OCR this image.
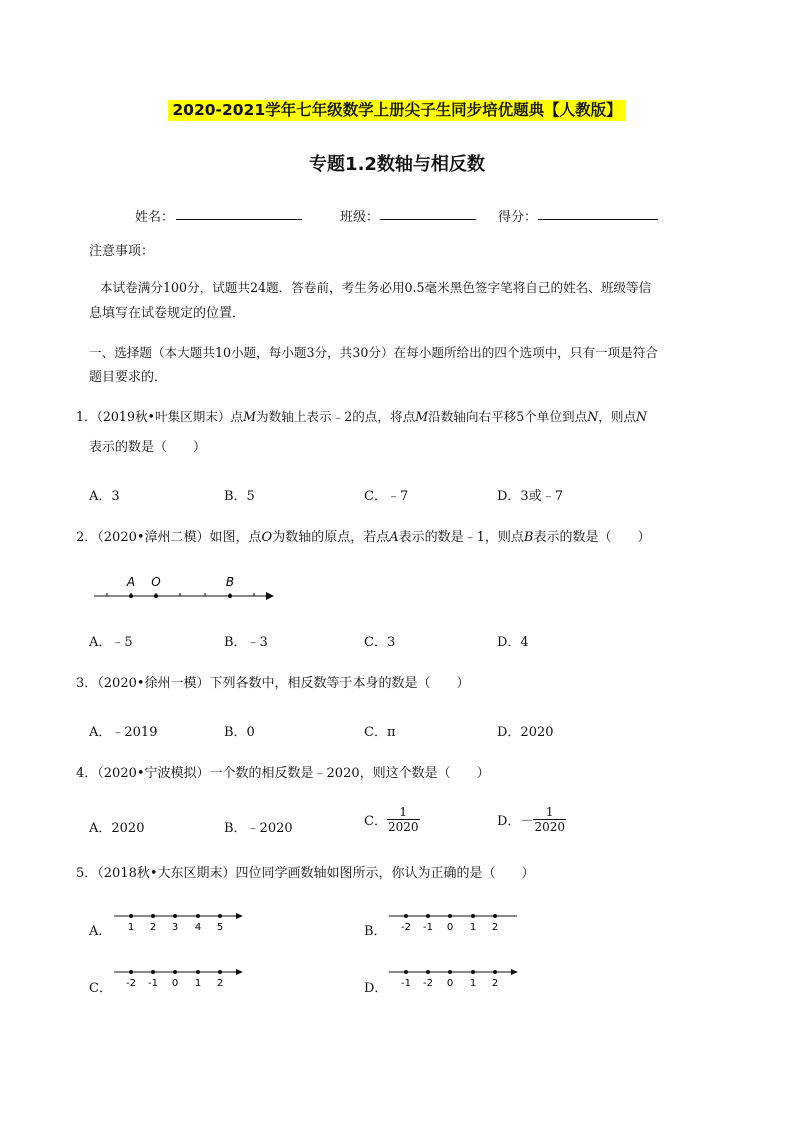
2020-2021学年七年级数学上册尖子生同步培优题典【人教版】
专题1.2数轴与相反数
姓名：	班级：	得分：
注意事项：
本试卷满分100分，试题共24题．答卷前，考生务必用0.5毫米黑色签字笔将自己的姓名、班级等信
息填写在试卷规定的位置．
一、选择题（本大题共10小题，每小题3分，共30分）在每小题所给出的四个选项中，只有一项是符合
题目要求的．
1．（2019秋•叶集区期末）点M为数轴上表示﹣2的点，将点M沿数轴向右平移5个单位到点N，则点N
表示的数是（　　）
A．3	B．5	C．﹣7	D．3或﹣7
2．（2020•漳州二模）如图，点O为数轴的原点，若点A表示的数是﹣1，则点B表示的数是（　　）
A O	B
A．﹣5	B．﹣3	C．3	D．4
3．（2020•徐州一模）下列各数中，相反数等于本身的数是（　　）
A．﹣2019	B．0	C．π	D．2020
4．（2020•宁波模拟）一个数的相反数是﹣2020，则这个数是（　　）
A．2020	B．﹣2020	C． $\frac{1}{2020}$	D．－ $\frac{1}{2020}$
5．（2018秋•大东区期末）四位同学画数轴如图所示，你认为正确的是（　　）
A． 1 2 3 4 5	B． -2 -1 0 1 2
C． -2 -1 0 1 2	D． -1 -2 0 1 2
